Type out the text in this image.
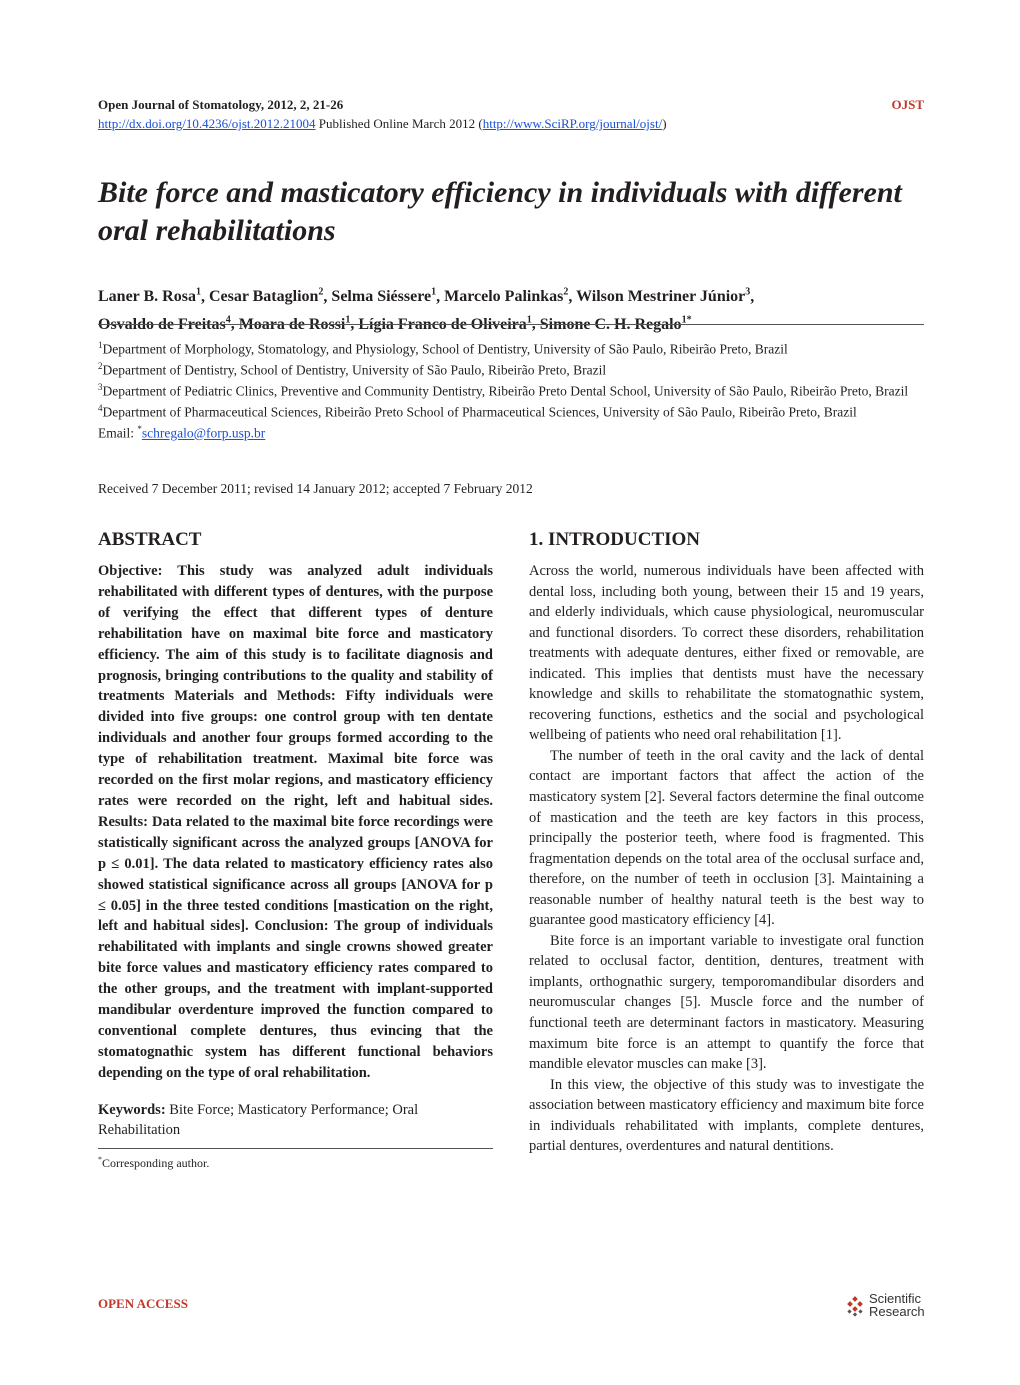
Open Journal of Stomatology, 2012, 2, 21-26	OJST
http://dx.doi.org/10.4236/ojst.2012.21004 Published Online March 2012 (http://www.SciRP.org/journal/ojst/)
Bite force and masticatory efficiency in individuals with different oral rehabilitations
Laner B. Rosa$^1$, Cesar Bataglion$^2$, Selma Siéssere$^1$, Marcelo Palinkas$^2$, Wilson Mestriner Júnior$^3$,
Osvaldo de Freitas$^4$, Moara de Rossi$^1$, Lígia Franco de Oliveira$^1$, Simone C. H. Regalo$^{1*}$

$^1$Department of Morphology, Stomatology, and Physiology, School of Dentistry, University of São Paulo, Ribeirão Preto, Brazil

$^2$Department of Dentistry, School of Dentistry, University of São Paulo, Ribeirão Preto, Brazil

$^3$Department of Pediatric Clinics, Preventive and Community Dentistry, Ribeirão Preto Dental School, University of São Paulo, Ribeirão Preto, Brazil

$^4$Department of Pharmaceutical Sciences, Ribeirão Preto School of Pharmaceutical Sciences, University of São Paulo, Ribeirão Preto, Brazil

Email: *schregalo@forp.usp.br

Received 7 December 2011; revised 14 January 2012; accepted 7 February 2012
ABSTRACT

Objective: This study was analyzed adult individuals rehabilitated with different types of dentures, with the purpose of verifying the effect that different types of denture rehabilitation have on maximal bite force and masticatory efficiency. The aim of this study is to facilitate diagnosis and prognosis, bringing contributions to the quality and stability of treatments Materials and Methods: Fifty individuals were divided into five groups: one control group with ten dentate individuals and another four groups formed according to the type of rehabilitation treatment. Maximal bite force was recorded on the first molar regions, and masticatory efficiency rates were recorded on the right, left and habitual sides. Results: Data related to the maximal bite force recordings were statistically significant across the analyzed groups [ANOVA for p ≤ 0.01]. The data related to masticatory efficiency rates also showed statistical significance across all groups [ANOVA for p ≤ 0.05] in the three tested conditions [mastication on the right, left and habitual sides]. Conclusion: The group of individuals rehabilitated with implants and single crowns showed greater bite force values and masticatory efficiency rates compared to the other groups, and the treatment with implant-supported mandibular overdenture improved the function compared to conventional complete dentures, thus evincing that the stomatognathic system has different functional behaviors depending on the type of oral rehabilitation.

Keywords: Bite Force; Masticatory Performance; Oral Rehabilitation
*Corresponding author.
1. INTRODUCTION

Across the world, numerous individuals have been affected with dental loss, including both young, between their 15 and 19 years, and elderly individuals, which cause physiological, neuromuscular and functional disorders. To correct these disorders, rehabilitation treatments with adequate dentures, either fixed or removable, are indicated. This implies that dentists must have the necessary knowledge and skills to rehabilitate the stomatognathic system, recovering functions, esthetics and the social and psychological wellbeing of patients who need oral rehabilitation [1].

The number of teeth in the oral cavity and the lack of dental contact are important factors that affect the action of the masticatory system [2]. Several factors determine the final outcome of mastication and the teeth are key factors in this process, principally the posterior teeth, where food is fragmented. This fragmentation depends on the total area of the occlusal surface and, therefore, on the number of teeth in occlusion [3]. Maintaining a reasonable number of healthy natural teeth is the best way to guarantee good masticatory efficiency [4].

Bite force is an important variable to investigate oral function related to occlusal factor, dentition, dentures, treatment with implants, orthognathic surgery, temporomandibular disorders and neuromuscular changes [5]. Muscle force and the number of functional teeth are determinant factors in masticatory. Measuring maximum bite force is an attempt to quantify the force that mandible elevator muscles can make [3].

In this view, the objective of this study was to investigate the association between masticatory efficiency and maximum bite force in individuals rehabilitated with implants, complete dentures, partial dentures, overdentures and natural dentitions.

OPEN ACCESS	Scientific
Research
